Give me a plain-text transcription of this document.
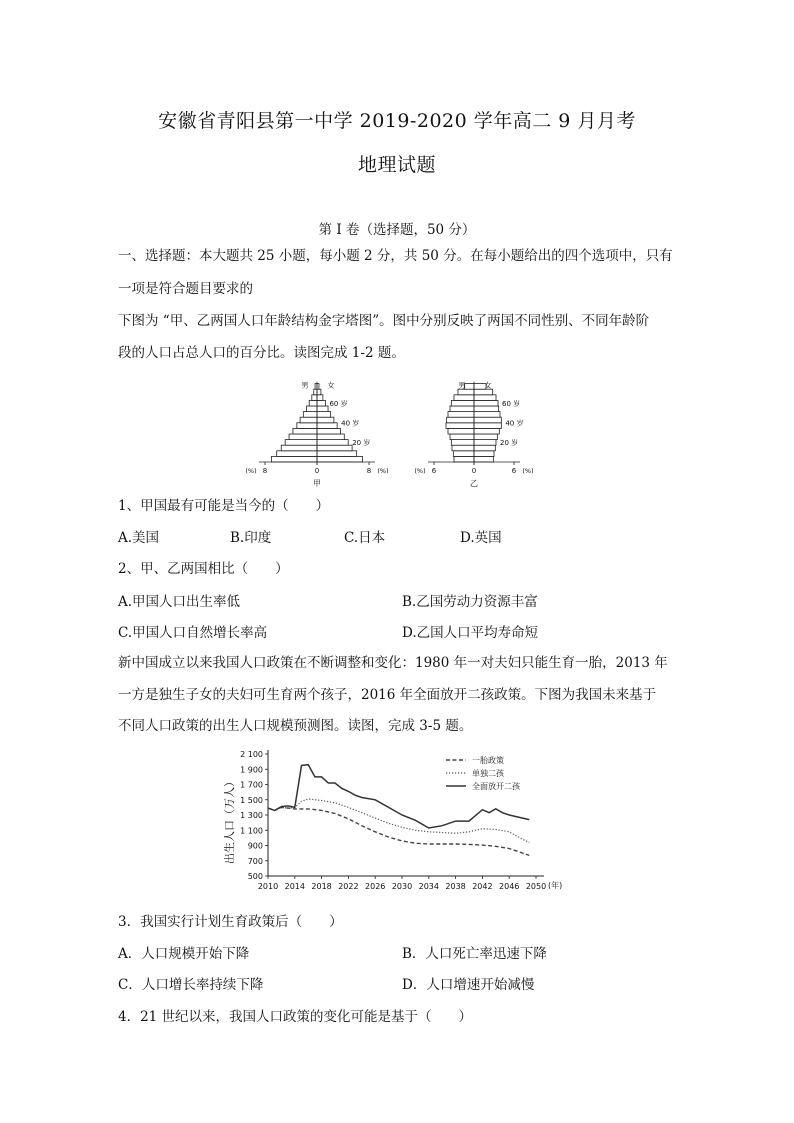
安徽省青阳县第一中学 2019-2020 学年高二 9 月月考
地理试题
第 I 卷（选择题，50 分）
一、选择题：本大题共 25 小题，每小题 2 分，共 50 分。在每小题给出的四个选项中，只有
一项是符合题目要求的
下图为 “甲、乙两国人口年龄结构金字塔图”。图中分别反映了两国不同性别、不同年龄阶
段的人口占总人口的百分比。读图完成 1-2 题。
男	女
60 岁
40 岁
20 岁
(%) 8	0	8 (%)
甲
男	女
60 岁
40 岁
20 岁
(%) 6	0	6 (%)
乙
1、甲国最有可能是当今的（　　）
A.美国	B.印度	C.日本	D.英国
2、甲、乙两国相比（　　）
A.甲国人口出生率低	B.乙国劳动力资源丰富
C.甲国人口自然增长率高	D.乙国人口平均寿命短
新中国成立以来我国人口政策在不断调整和变化：1980 年一对夫妇只能生育一胎，2013 年
一方是独生子女的夫妇可生育两个孩子，2016 年全面放开二孩政策。下图为我国未来基于
不同人口政策的出生人口规模预测图。读图，完成 3-5 题。
出生人口（万人）
2 100
1 900
1 700
1 500
1 300
1 100
900
700
500
2010 2014 2018 2022 2026 2030 2034 2038 2042 2046 2050 (年)
一胎政策
单独二孩
全面放开二孩
3．我国实行计划生育政策后（　　）
A．人口规模开始下降	B．人口死亡率迅速下降
C．人口增长率持续下降	D．人口增速开始减慢
4．21 世纪以来，我国人口政策的变化可能是基于（　　）
